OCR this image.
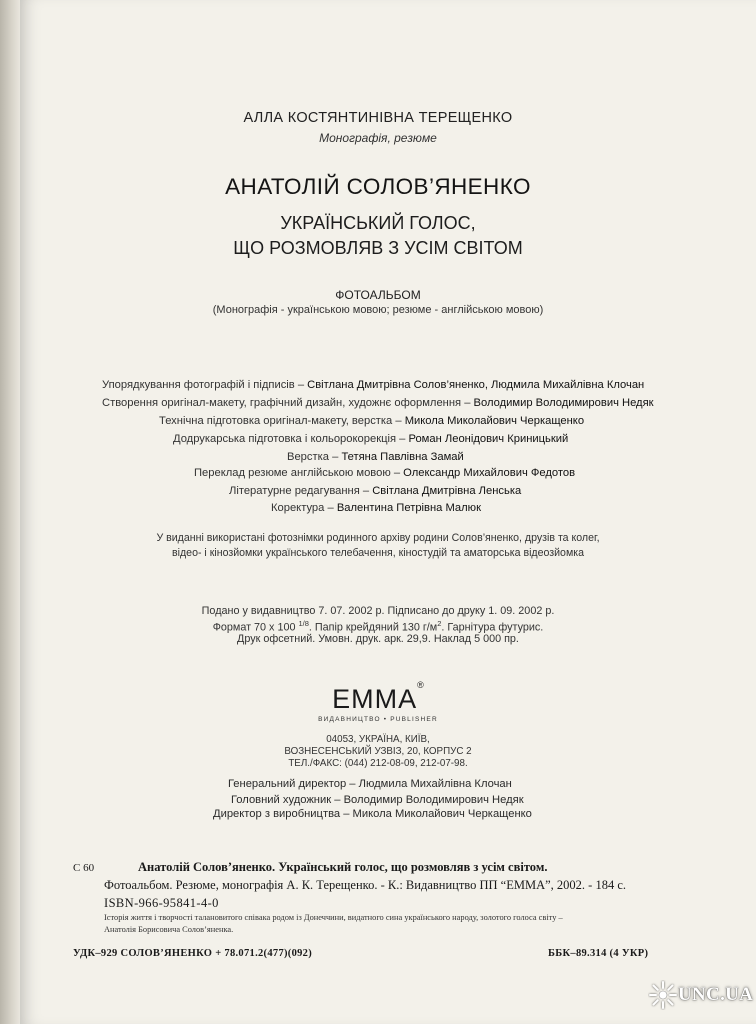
АЛЛА КОСТЯНТИНІВНА ТЕРЕЩЕНКО
Монографія, резюме
АНАТОЛІЙ СОЛОВ’ЯНЕНКО
УКРАЇНСЬКИЙ ГОЛОС,
ЩО РОЗМОВЛЯВ З УСІМ СВІТОМ
ФОТОАЛЬБОМ
(Монографія - українською мовою; резюме - англійською мовою)
Упорядкування фотографій і підписів – Світлана Дмитрівна Солов’яненко, Людмила Михайлівна Клочан
Створення оригінал-макету, графічний дизайн, художнє оформлення – Володимир Володимирович Недяк
Технічна підготовка оригінал-макету, верстка – Микола Миколайович Черкащенко
Додрукарська підготовка і кольорокорекція – Роман Леонідович Криницький
Верстка – Тетяна Павлівна Замай
Переклад резюме англійською мовою – Олександр Михайлович Федотов
Літературне редагування – Світлана Дмитрівна Ленська
Коректура – Валентина Петрівна Малюк
У виданні використані фотознімки родинного архіву родини Солов’яненко, друзів та колег,
відео- і кінозйомки українського телебачення, кіностудій та аматорська відеозйомка
Подано у видавництво 7. 07. 2002 р. Підписано до друку 1. 09. 2002 р.
Формат 70 х 100 $^{1/8}$. Папір крейдяний 130 $г/м^2$. Гарнітура футурис.
Друк офсетний. Умовн. друк. арк. 29,9. Наклад 5 000 пр.
EMMA®
ВИДАВНИЦТВО • PUBLISHER
04053, УКРАЇНА, КИЇВ,
ВОЗНЕСЕНСЬКИЙ УЗВІЗ, 20, КОРПУС 2
ТЕЛ./ФАКС: (044) 212-08-09, 212-07-98.
Генеральний директор – Людмила Михайлівна Клочан
Головний художник – Володимир Володимирович Недяк
Директор з виробництва – Микола Миколайович Черкащенко
С 60	Анатолій Солов’яненко. Український голос, що розмовляв з усім світом.
Фотоальбом. Резюме, монографія А. К. Терещенко. - К.: Видавництво ПП “ЕММА”, 2002. - 184 с.
ISBN-966-95841-4-0
Історія життя і творчості талановитого співака родом із Донеччини, видатного сина українського народу, золотого голоса світу –
Анатолія Борисовича Солов’яненка.
УДК–929 СОЛОВ’ЯНЕНКО + 78.071.2(477)(092)	ББК–89.314 (4 УКР)
UNC.UA
